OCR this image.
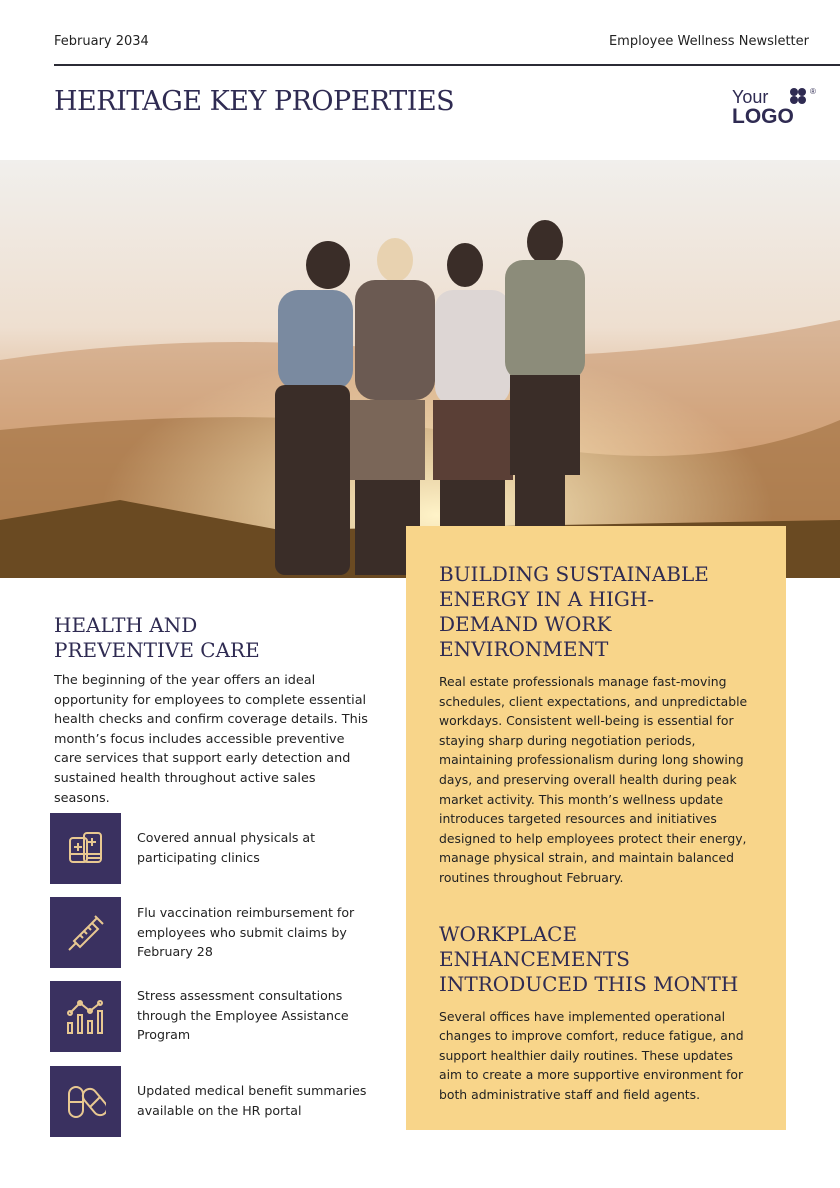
February 2034	Employee Wellness Newsletter
HERITAGE KEY PROPERTIES	Your	®
LOGO
BUILDING SUSTAINABLE ENERGY IN A HIGH-DEMAND WORK ENVIRONMENT

Real estate professionals manage fast-moving schedules, client expectations, and unpredictable workdays. Consistent well-being is essential for staying sharp during negotiation periods, maintaining professionalism during long showing days, and preserving overall health during peak market activity. This month’s wellness update introduces targeted resources and initiatives designed to help employees protect their energy, manage physical strain, and maintain balanced routines throughout February.

WORKPLACE ENHANCEMENTS INTRODUCED THIS MONTH

Several offices have implemented operational changes to improve comfort, reduce fatigue, and support healthier daily routines. These updates aim to create a more supportive environment for both administrative staff and field agents.

HEALTH AND PREVENTIVE CARE

The beginning of the year offers an ideal opportunity for employees to complete essential health checks and confirm coverage details. This month’s focus includes accessible preventive care services that support early detection and sustained health throughout active sales seasons.

Covered annual physicals at participating clinics
Flu vaccination reimbursement for employees who submit claims by February 28
Stress assessment consultations through the Employee Assistance Program
Updated medical benefit summaries available on the HR portal
